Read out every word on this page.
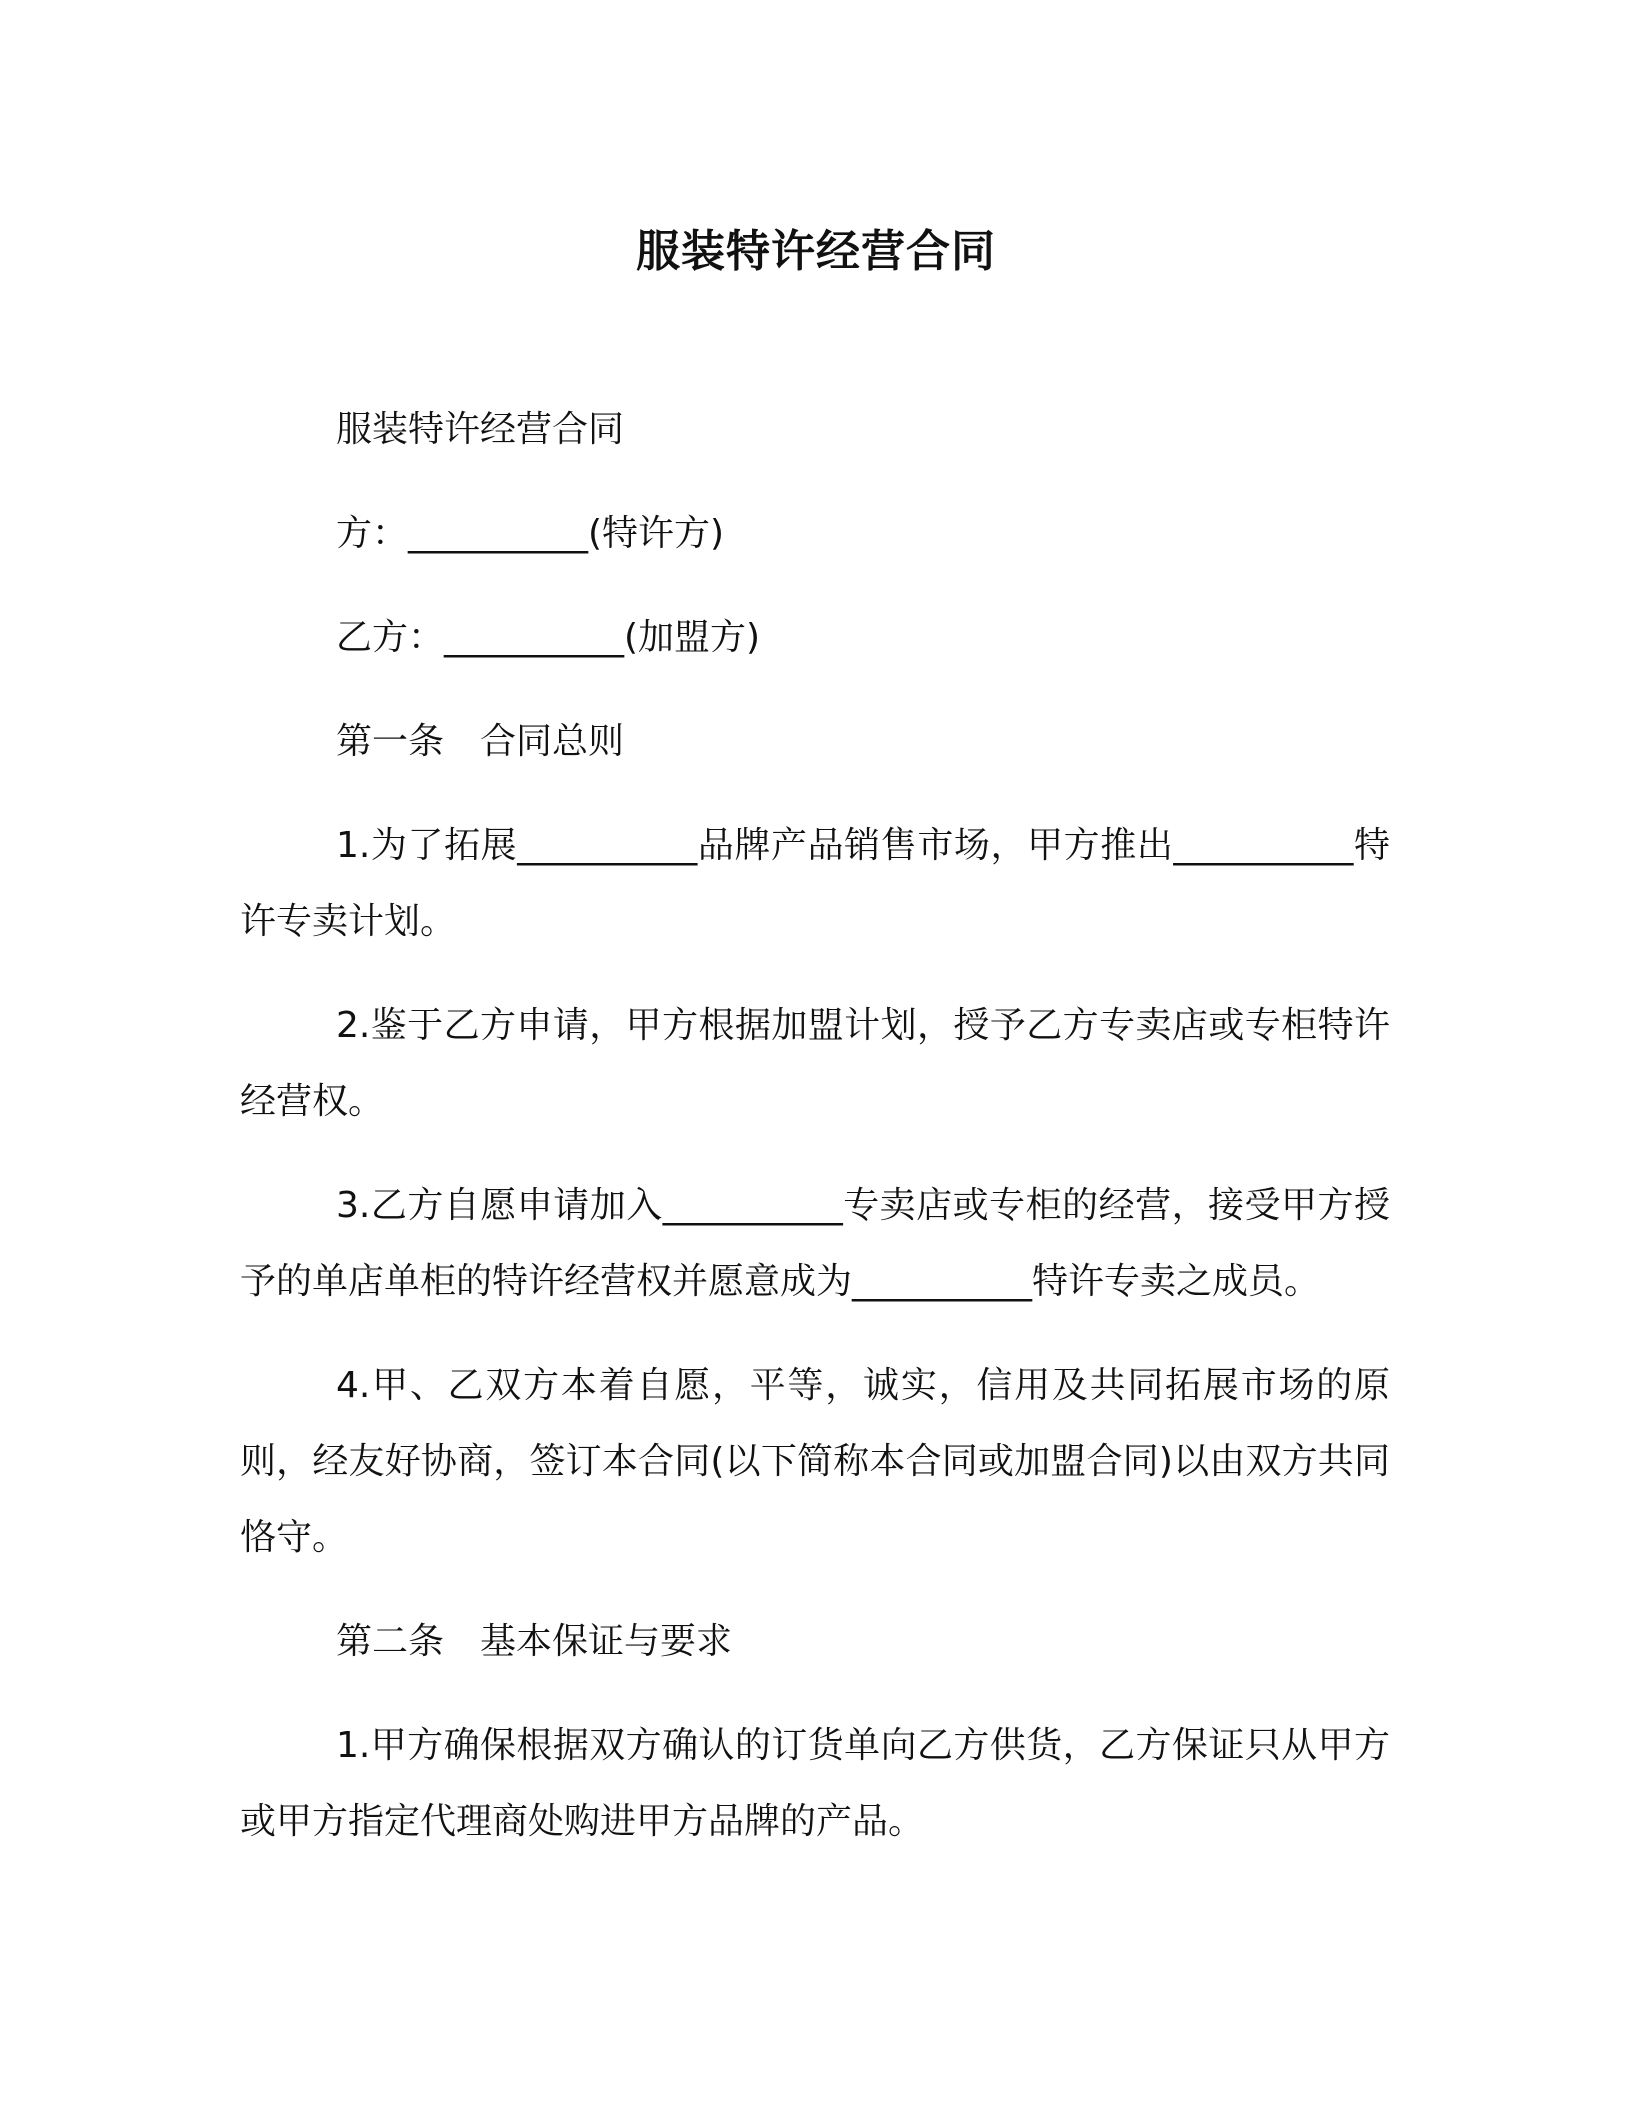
服装特许经营合同

服装特许经营合同

方：__________(特许方)

乙方：__________(加盟方)

第一条　合同总则

1.为了拓展__________品牌产品销售市场，甲方推出__________特许专卖计划。

2.鉴于乙方申请，甲方根据加盟计划，授予乙方专卖店或专柜特许经营权。

3.乙方自愿申请加入__________专卖店或专柜的经营，接受甲方授予的单店单柜的特许经营权并愿意成为__________特许专卖之成员。

4.甲、乙双方本着自愿，平等，诚实，信用及共同拓展市场的原则，经友好协商，签订本合同(以下简称本合同或加盟合同)以由双方共同恪守。

第二条　基本保证与要求

1.甲方确保根据双方确认的订货单向乙方供货，乙方保证只从甲方或甲方指定代理商处购进甲方品牌的产品。
